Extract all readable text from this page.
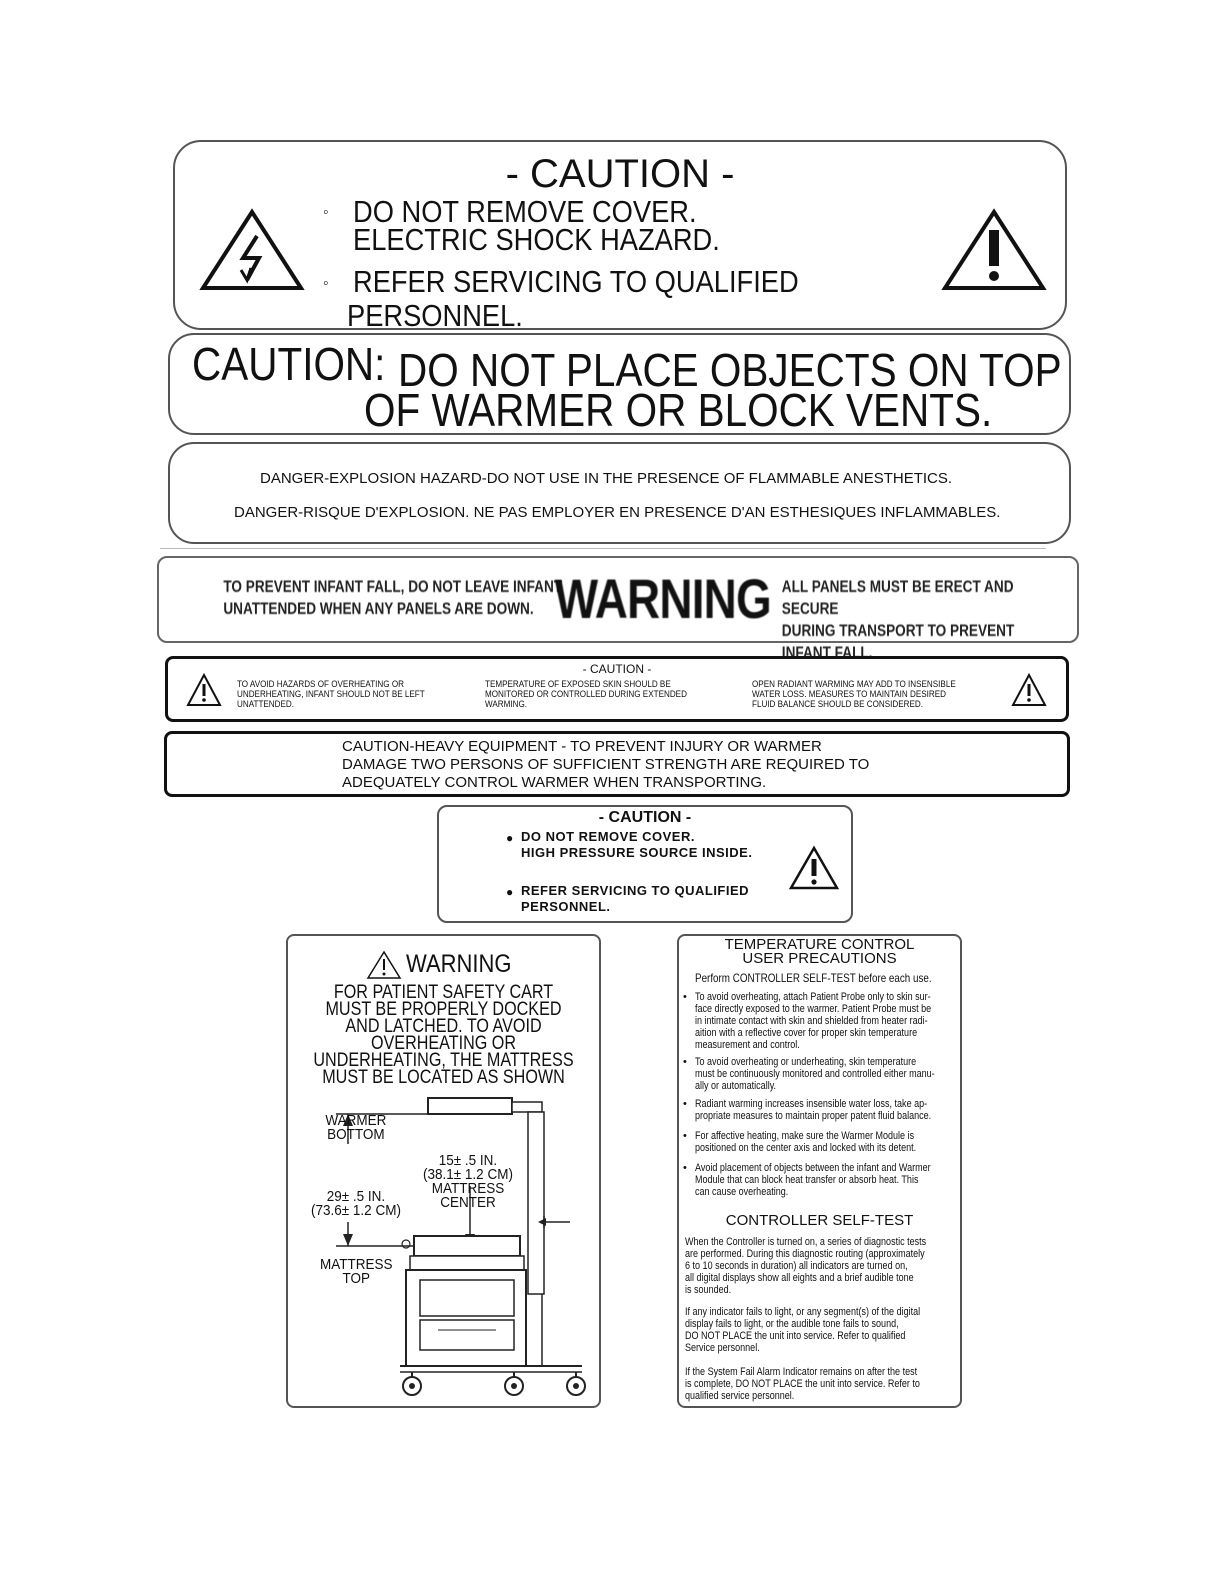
- CAUTION -
◦ DO NOT REMOVE COVER.
ELECTRIC SHOCK HAZARD.
◦ REFER SERVICING TO QUALIFIED
PERSONNEL.
CAUTION: DO NOT PLACE OBJECTS ON TOP
OF WARMER OR BLOCK VENTS.
DANGER-EXPLOSION HAZARD-DO NOT USE IN THE PRESENCE OF FLAMMABLE ANESTHETICS.
DANGER-RISQUE D'EXPLOSION. NE PAS EMPLOYER EN PRESENCE D'AN ESTHESIQUES INFLAMMABLES.
TO PREVENT INFANT FALL, DO NOT LEAVE INFANT
UNATTENDED WHEN ANY PANELS ARE DOWN. WARNING ALL PANELS MUST BE ERECT AND SECURE
DURING TRANSPORT TO PREVENT INFANT FALL.
- CAUTION -
TO AVOID HAZARDS OF OVERHEATING OR
UNDERHEATING, INFANT SHOULD NOT BE LEFT
UNATTENDED.
TEMPERATURE OF EXPOSED SKIN SHOULD BE
MONITORED OR CONTROLLED DURING EXTENDED
WARMING.
OPEN RADIANT WARMING MAY ADD TO INSENSIBLE
WATER LOSS. MEASURES TO MAINTAIN DESIRED
FLUID BALANCE SHOULD BE CONSIDERED.
CAUTION-HEAVY EQUIPMENT - TO PREVENT INJURY OR WARMER
DAMAGE TWO PERSONS OF SUFFICIENT STRENGTH ARE REQUIRED TO
ADEQUATELY CONTROL WARMER WHEN TRANSPORTING.
- CAUTION -
● DO NOT REMOVE COVER.
HIGH PRESSURE SOURCE INSIDE.
● REFER SERVICING TO QUALIFIED
PERSONNEL.
WARNING
FOR PATIENT SAFETY CART
MUST BE PROPERLY DOCKED
AND LATCHED. TO AVOID
OVERHEATING OR
UNDERHEATING, THE MATTRESS
MUST BE LOCATED AS SHOWN
WARMER
BOTTOM
15± .5 IN.
(38.1± 1.2 CM)
MATTRESS
CENTER
29± .5 IN.
(73.6± 1.2 CM)
MATTRESS
TOP
TEMPERATURE CONTROL
USER PRECAUTIONS
Perform CONTROLLER SELF-TEST before each use.
• To avoid overheating, attach Patient Probe only to skin sur-
face directly exposed to the warmer. Patient Probe must be
in intimate contact with skin and shielded from heater radi-
aition with a reflective cover for proper skin temperature
measurement and control.
• To avoid overheating or underheating, skin temperature
must be continuously monitored and controlled either manu-
ally or automatically.
• Radiant warming increases insensible water loss, take ap-
propriate measures to maintain proper patent fluid balance.
• For affective heating, make sure the Warmer Module is
positioned on the center axis and locked with its detent.
• Avoid placement of objects between the infant and Warmer
Module that can block heat transfer or absorb heat. This
can cause overheating.
CONTROLLER SELF-TEST
When the Controller is turned on, a series of diagnostic tests
are performed. During this diagnostic routing (approximately
6 to 10 seconds in duration) all indicators are turned on,
all digital displays show all eights and a brief audible tone
is sounded.
If any indicator fails to light, or any segment(s) of the digital
display fails to light, or the audible tone fails to sound,
DO NOT PLACE the unit into service. Refer to qualified
Service personnel.
If the System Fail Alarm Indicator remains on after the test
is complete, DO NOT PLACE the unit into service. Refer to
qualified service personnel.
